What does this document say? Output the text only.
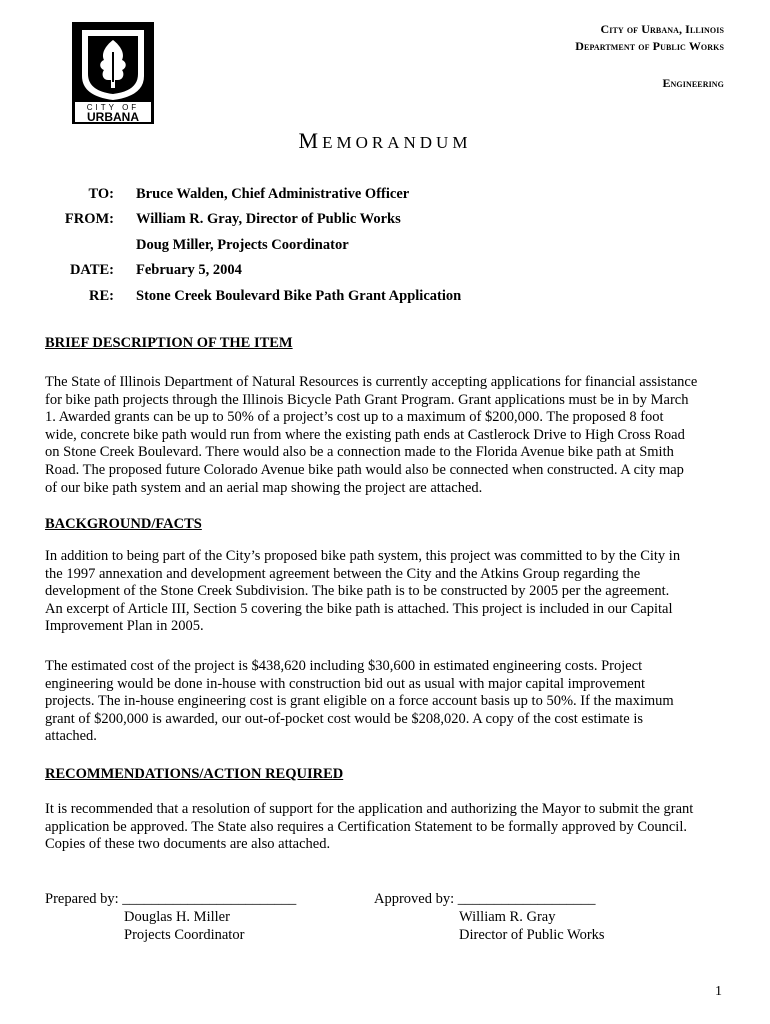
CITY OF
URBANA
City of Urbana, Illinois
Department of Public Works
Engineering
MEMORANDUM
TO: Bruce Walden, Chief Administrative Officer
FROM: William R. Gray, Director of Public Works
Doug Miller, Projects Coordinator
DATE: February 5, 2004
RE: Stone Creek Boulevard Bike Path Grant Application
BRIEF DESCRIPTION OF THE ITEM
The State of Illinois Department of Natural Resources is currently accepting applications for financial assistance
for bike path projects through the Illinois Bicycle Path Grant Program. Grant applications must be in by March
1. Awarded grants can be up to 50% of a project’s cost up to a maximum of $200,000. The proposed 8 foot
wide, concrete bike path would run from where the existing path ends at Castlerock Drive to High Cross Road
on Stone Creek Boulevard. There would also be a connection made to the Florida Avenue bike path at Smith
Road. The proposed future Colorado Avenue bike path would also be connected when constructed. A city map
of our bike path system and an aerial map showing the project are attached.
BACKGROUND/FACTS
In addition to being part of the City’s proposed bike path system, this project was committed to by the City in
the 1997 annexation and development agreement between the City and the Atkins Group regarding the
development of the Stone Creek Subdivision. The bike path is to be constructed by 2005 per the agreement.
An excerpt of Article III, Section 5 covering the bike path is attached. This project is included in our Capital
Improvement Plan in 2005.
The estimated cost of the project is $438,620 including $30,600 in estimated engineering costs. Project
engineering would be done in-house with construction bid out as usual with major capital improvement
projects. The in-house engineering cost is grant eligible on a force account basis up to 50%. If the maximum
grant of $200,000 is awarded, our out-of-pocket cost would be $208,020. A copy of the cost estimate is
attached.
RECOMMENDATIONS/ACTION REQUIRED
It is recommended that a resolution of support for the application and authorizing the Mayor to submit the grant
application be approved. The State also requires a Certification Statement to be formally approved by Council.
Copies of these two documents are also attached.
Prepared by: ________________________
Douglas H. Miller
Projects Coordinator
Approved by: ___________________
William R. Gray
Director of Public Works
1
